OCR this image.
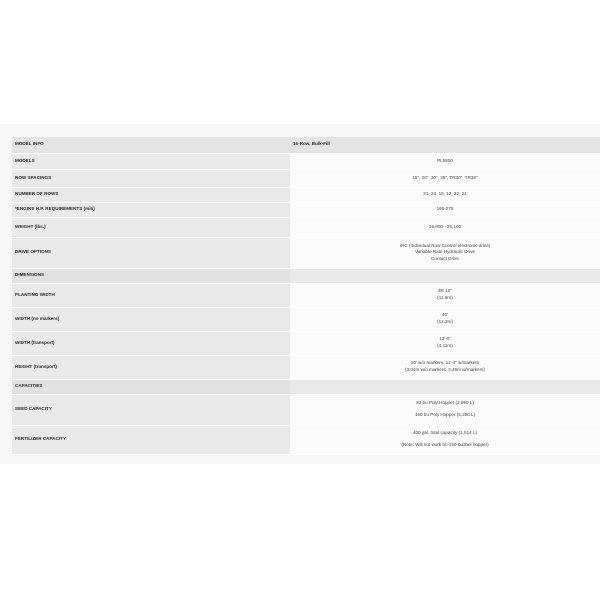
MODEL INFO	16-Row, Bulk-Fill
MODELS	PL5800
ROW SPACINGS	15", 20", 30", 36", TR30", TR36"
NUMBER OF ROWS	31, 24, 16, 12, 32, 24
*ENGINE H.P. REQUIREMENTS (min)	165-275
WEIGHT (lbs.)	15,800 - 20,160
DRIVE OPTIONS	IRC (Individual Row Control electronic drive)
Variable Rate Hydraulic Drive
Contact Drive

DIMENSIONS	
PLANTING WIDTH	38' 10"
(11.8m)

WIDTH (no markers)	40'
(12.2m)

WIDTH (transport)	13' 6"
(4.11m)

HEIGHT (transport)	10' w/o markers, 11' 4" w/markers
(3.04m w/o markers, 3.45m w/markers)

CAPACITIES	
SEED CAPACITY	82 bu Poly Hopper (2,890 L)
150 bu Poly Hopper (5,286 L)

FERTILIZER CAPACITY	400 gal. total capacity (1,514 L)
(Note: Will not work on 150-bushel hopper)
